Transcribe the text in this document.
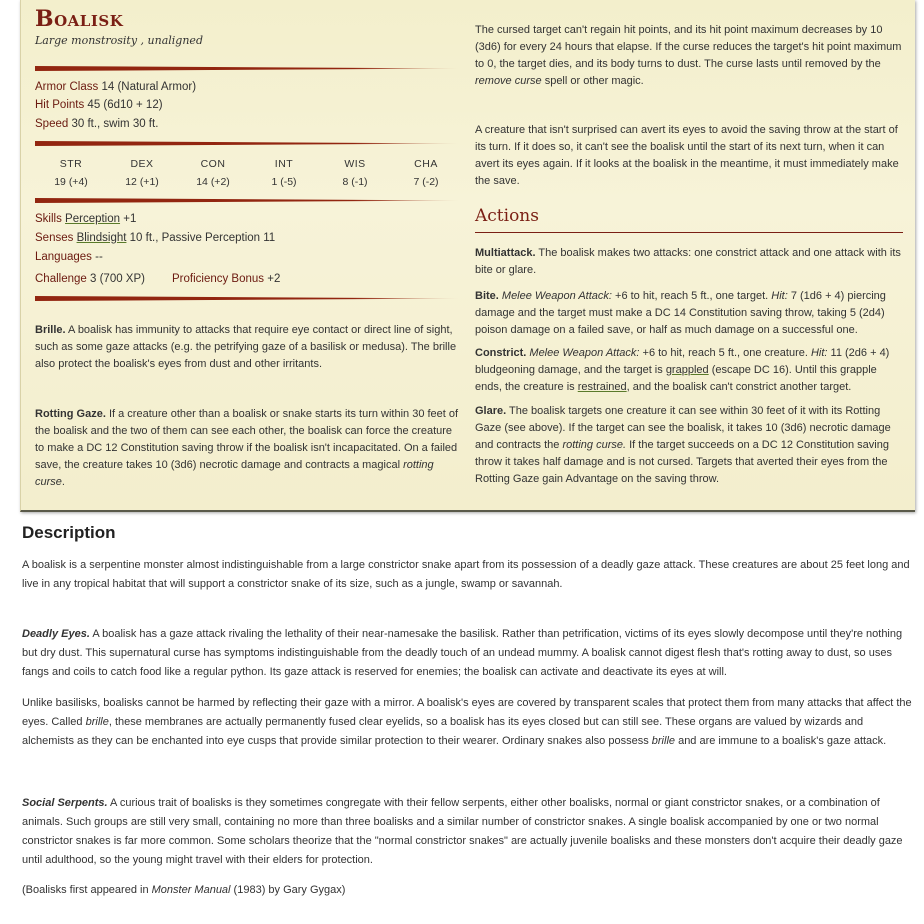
Boalisk
Large monstrosity , unaligned
Armor Class 14 (Natural Armor)
Hit Points 45 (6d10 + 12)
Speed 30 ft., swim 30 ft.
STR
19 (+4)
DEX
12 (+1)
CON
14 (+2)
INT
1 (-5)
WIS
8 (-1)
CHA
7 (-2)
Skills Perception +1
Senses Blindsight 10 ft., Passive Perception 11
Languages --
Challenge 3 (700 XP) Proficiency Bonus +2
Brille. A boalisk has immunity to attacks that require eye contact or direct line of sight, such as some gaze attacks (e.g. the petrifying gaze of a basilisk or medusa). The brille also protect the boalisk's eyes from dust and other irritants.
Rotting Gaze. If a creature other than a boalisk or snake starts its turn within 30 feet of the boalisk and the two of them can see each other, the boalisk can force the creature to make a DC 12 Constitution saving throw if the boalisk isn't incapacitated. On a failed save, the creature takes 10 (3d6) necrotic damage and contracts a magical rotting curse.
The cursed target can't regain hit points, and its hit point maximum decreases by 10 (3d6) for every 24 hours that elapse. If the curse reduces the target's hit point maximum to 0, the target dies, and its body turns to dust. The curse lasts until removed by the remove curse spell or other magic.
A creature that isn't surprised can avert its eyes to avoid the saving throw at the start of its turn. If it does so, it can't see the boalisk until the start of its next turn, when it can avert its eyes again. If it looks at the boalisk in the meantime, it must immediately make the save.
Actions
Multiattack. The boalisk makes two attacks: one constrict attack and one attack with its bite or glare.
Bite. Melee Weapon Attack: +6 to hit, reach 5 ft., one target. Hit: 7 (1d6 + 4) piercing damage and the target must make a DC 14 Constitution saving throw, taking 5 (2d4) poison damage on a failed save, or half as much damage on a successful one.
Constrict. Melee Weapon Attack: +6 to hit, reach 5 ft., one creature. Hit: 11 (2d6 + 4) bludgeoning damage, and the target is grappled (escape DC 16). Until this grapple ends, the creature is restrained, and the boalisk can't constrict another target.
Glare. The boalisk targets one creature it can see within 30 feet of it with its Rotting Gaze (see above). If the target can see the boalisk, it takes 10 (3d6) necrotic damage and contracts the rotting curse. If the target succeeds on a DC 12 Constitution saving throw it takes half damage and is not cursed. Targets that averted their eyes from the Rotting Gaze gain Advantage on the saving throw.
Description
A boalisk is a serpentine monster almost indistinguishable from a large constrictor snake apart from its possession of a deadly gaze attack. These creatures are about 25 feet long and live in any tropical habitat that will support a constrictor snake of its size, such as a jungle, swamp or savannah.
Deadly Eyes. A boalisk has a gaze attack rivaling the lethality of their near-namesake the basilisk. Rather than petrification, victims of its eyes slowly decompose until they're nothing but dry dust. This supernatural curse has symptoms indistinguishable from the deadly touch of an undead mummy. A boalisk cannot digest flesh that's rotting away to dust, so uses fangs and coils to catch food like a regular python. Its gaze attack is reserved for enemies; the boalisk can activate and deactivate its eyes at will.
Unlike basilisks, boalisks cannot be harmed by reflecting their gaze with a mirror. A boalisk's eyes are covered by transparent scales that protect them from many attacks that affect the eyes. Called brille, these membranes are actually permanently fused clear eyelids, so a boalisk has its eyes closed but can still see. These organs are valued by wizards and alchemists as they can be enchanted into eye cusps that provide similar protection to their wearer. Ordinary snakes also possess brille and are immune to a boalisk's gaze attack.
Social Serpents. A curious trait of boalisks is they sometimes congregate with their fellow serpents, either other boalisks, normal or giant constrictor snakes, or a combination of animals. Such groups are still very small, containing no more than three boalisks and a similar number of constrictor snakes. A single boalisk accompanied by one or two normal constrictor snakes is far more common. Some scholars theorize that the "normal constrictor snakes" are actually juvenile boalisks and these monsters don't acquire their deadly gaze until adulthood, so the young might travel with their elders for protection.
(Boalisks first appeared in Monster Manual (1983) by Gary Gygax)
